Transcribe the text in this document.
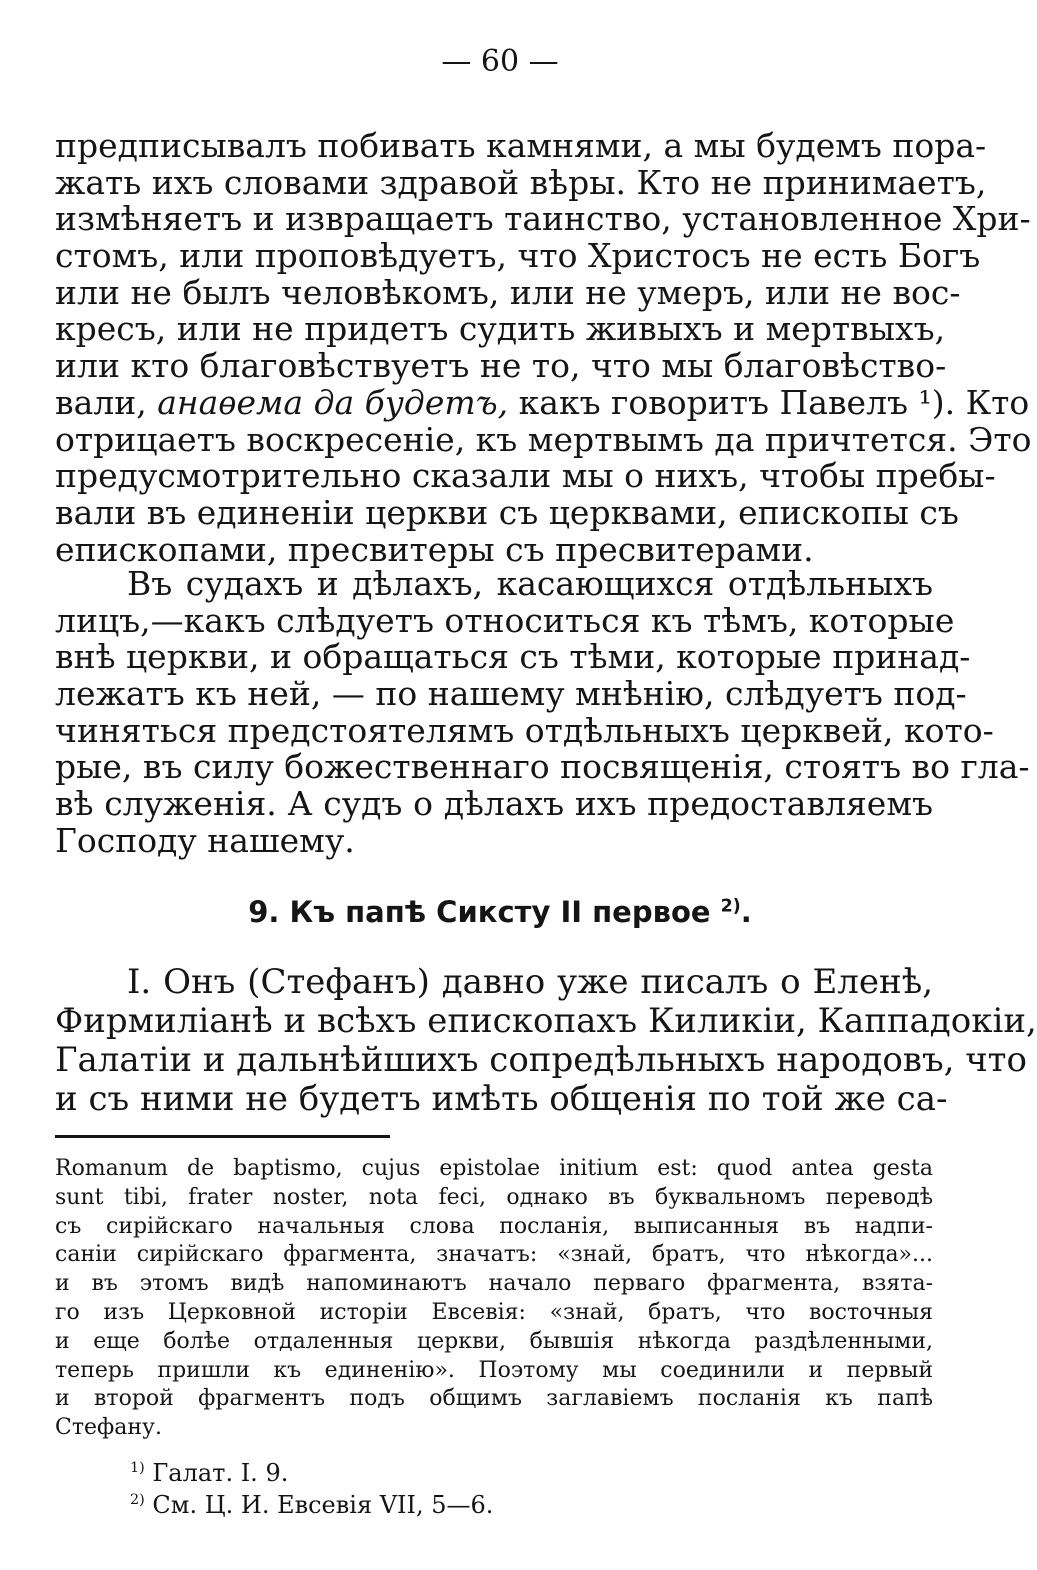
— 60 —
предписывалъ побивать камнями, а мы будемъ пора-
жать ихъ словами здравой вѣры. Кто не принимаетъ,
измѣняетъ и извращаетъ таинство, установленное Хри-
стомъ, или проповѣдуетъ, что Христосъ не есть Богъ
или не былъ человѣкомъ, или не умеръ, или не вос-
кресъ, или не придетъ судить живыхъ и мертвыхъ,
или кто благовѣствуетъ не то, что мы благовѣство-
вали, анаѳема да будетъ, какъ говоритъ Павелъ ¹). Кто
отрицаетъ воскресеніе, къ мертвымъ да причтется. Это
предусмотрительно сказали мы о нихъ, чтобы пребы-
вали въ единеніи церкви съ церквами, епископы съ
епископами, пресвитеры съ пресвитерами.
Въ судахъ и дѣлахъ, касающихся отдѣльныхъ
лицъ,—какъ слѣдуетъ относиться къ тѣмъ, которые
внѣ церкви, и обращаться съ тѣми, которые принад-
лежатъ къ ней, — по нашему мнѣнію, слѣдуетъ под-
чиняться предстоятелямъ отдѣльныхъ церквей, кото-
рые, въ силу божественнаго посвященія, стоятъ во гла-
вѣ служенія. А судъ о дѣлахъ ихъ предоставляемъ
Господу нашему.
9. Къ папѣ Сиксту II первое $^{2)}$.
I. Онъ (Стефанъ) давно уже писалъ о Еленѣ,
Фирмиліанѣ и всѣхъ епископахъ Киликіи, Каппадокіи,
Галатіи и дальнѣйшихъ сопредѣльныхъ народовъ, что
и съ ними не будетъ имѣть общенія по той же са-
Romanum de baptismo, cujus epistolae initium est: quod antea gesta
sunt tibi, frater noster, nota feci, однако въ буквальномъ переводѣ
съ сирійскаго начальныя слова посланія, выписанныя въ надпи-
саніи сирійскаго фрагмента, значатъ: «знай, братъ, что нѣкогда»...
и въ этомъ видѣ напоминаютъ начало перваго фрагмента, взята-
го изъ Церковной исторіи Евсевія: «знай, братъ, что восточныя
и еще болѣе отдаленныя церкви, бывшія нѣкогда раздѣленными,
теперь пришли къ единенію». Поэтому мы соединили и первый
и второй фрагментъ подъ общимъ заглавіемъ посланія къ папѣ
Стефану.
$^{1)}$ Галат. I. 9.
$^{2)}$ См. Ц. И. Евсевія VII, 5—6.
